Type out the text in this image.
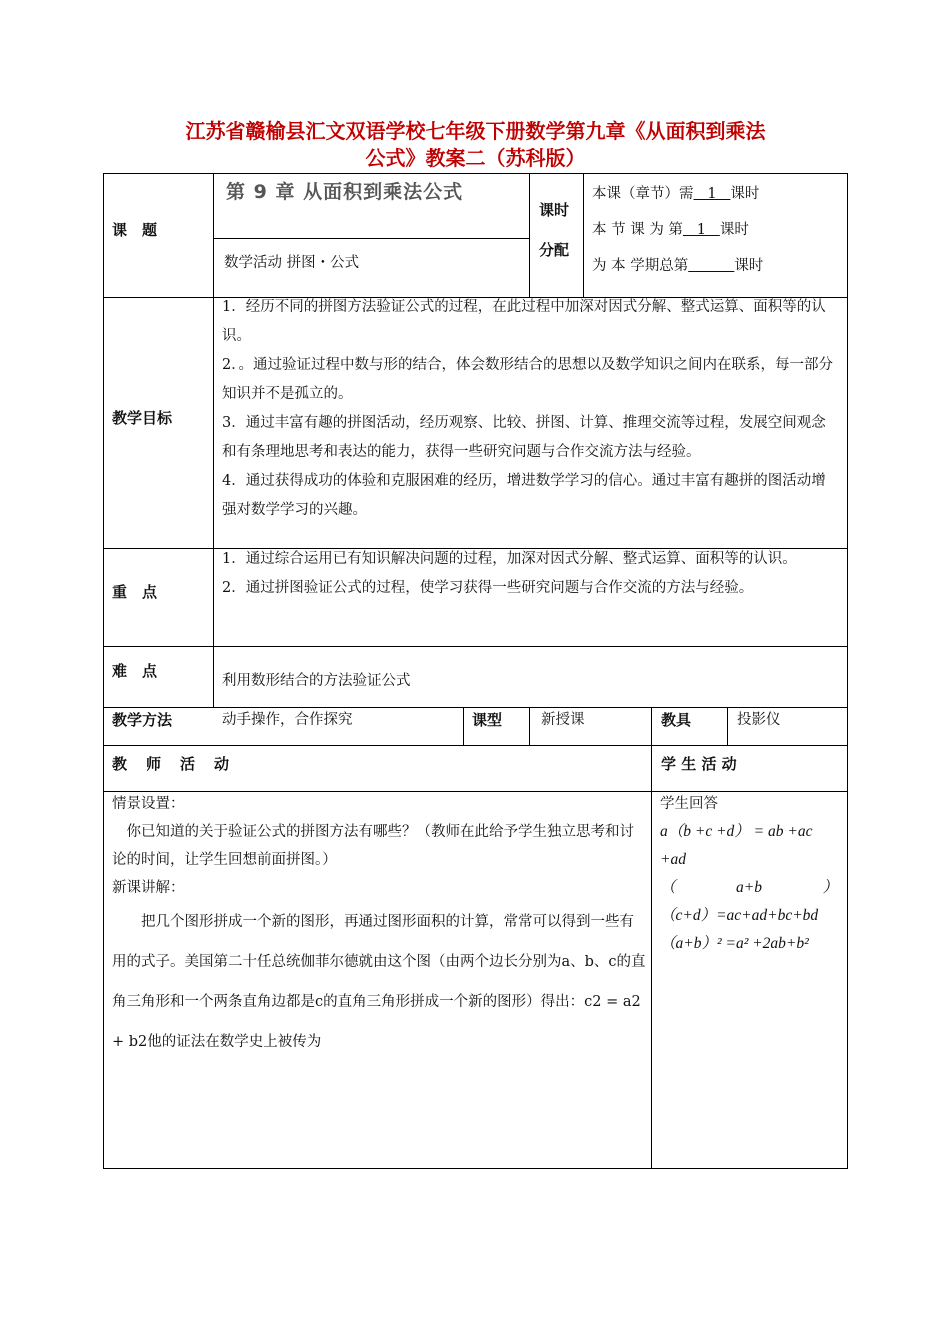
江苏省赣榆县汇文双语学校七年级下册数学第九章《从面积到乘法
公式》教案二（苏科版）
课　题
第 9 章 从面积到乘法公式
数学活动 拼图・公式
课时
分配
本课（章节）需   1   课时
本 节 课 为 第   1   课时
为 本 学期总第	课时
教学目标

1．经历不同的拼图方法验证公式的过程，在此过程中加深对因式分解、整式运算、面积等的认识。

2．。通过验证过程中数与形的结合，体会数形结合的思想以及数学知识之间内在联系，每一部分知识并不是孤立的。

3．通过丰富有趣的拼图活动，经历观察、比较、拼图、计算、推理交流等过程，发展空间观念和有条理地思考和表达的能力，获得一些研究问题与合作交流方法与经验。

4．通过获得成功的体验和克服困难的经历，增进数学学习的信心。通过丰富有趣拼的图活动增强对数学学习的兴趣。

重　点

1．通过综合运用已有知识解决问题的过程，加深对因式分解、整式运算、面积等的认识。

2．通过拼图验证公式的过程，使学习获得一些研究问题与合作交流的方法与经验。

难　点
利用数形结合的方法验证公式
教学方法	动手操作，合作探究	课型	新授课	教具	投影仪
教　师　活　动	学 生 活 动

情景设置：

　你已知道的关于验证公式的拼图方法有哪些？（教师在此给予学生独立思考和讨论的时间，让学生回想前面拼图。）

新课讲解：

　　把几个图形拼成一个新的图形，再通过图形面积的计算，常常可以得到一些有用的式子。美国第二十任总统伽菲尔德就由这个图（由两个边长分别为a、b、c的直角三角形和一个两条直角边都是c的直角三角形拼成一个新的图形）得出：c2 = a2 + b2他的证法在数学史上被传为

学生回答

a（b +c +d） = ab +ac +ad

（	a+b	）

（c+d）=ac+ad+bc+bd

（a+b）² =a² +2ab+b²
